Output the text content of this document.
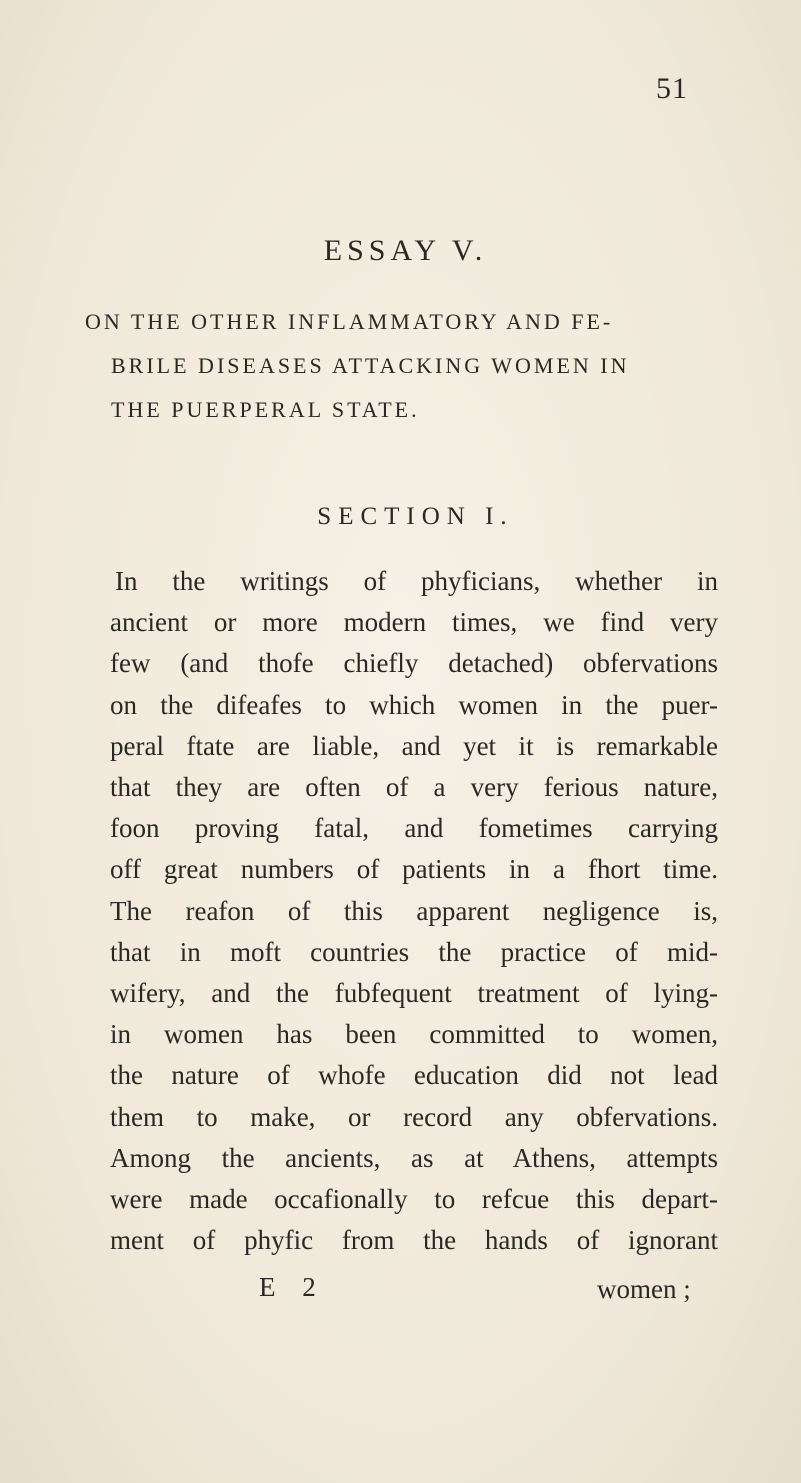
51
ESSAY V.
ON THE OTHER INFLAMMATORY AND FE-
BRILE DISEASES ATTACKING WOMEN IN
THE PUERPERAL STATE.
SECTION I.
In the writings of phyficians, whether in
ancient or more modern times, we find very
few (and thofe chiefly detached) obfervations
on the difeafes to which women in the puer-
peral ftate are liable, and yet it is remarkable
that they are often of a very ferious nature,
foon proving fatal, and fometimes carrying
off great numbers of patients in a fhort time.
The reafon of this apparent negligence is,
that in moft countries the practice of mid-
wifery, and the fubfequent treatment of lying-
in women has been committed to women,
the nature of whofe education did not lead
them to make, or record any obfervations.
Among the ancients, as at Athens, attempts
were made occafionally to refcue this depart-
ment of phyfic from the hands of ignorant
E 2	women ;
